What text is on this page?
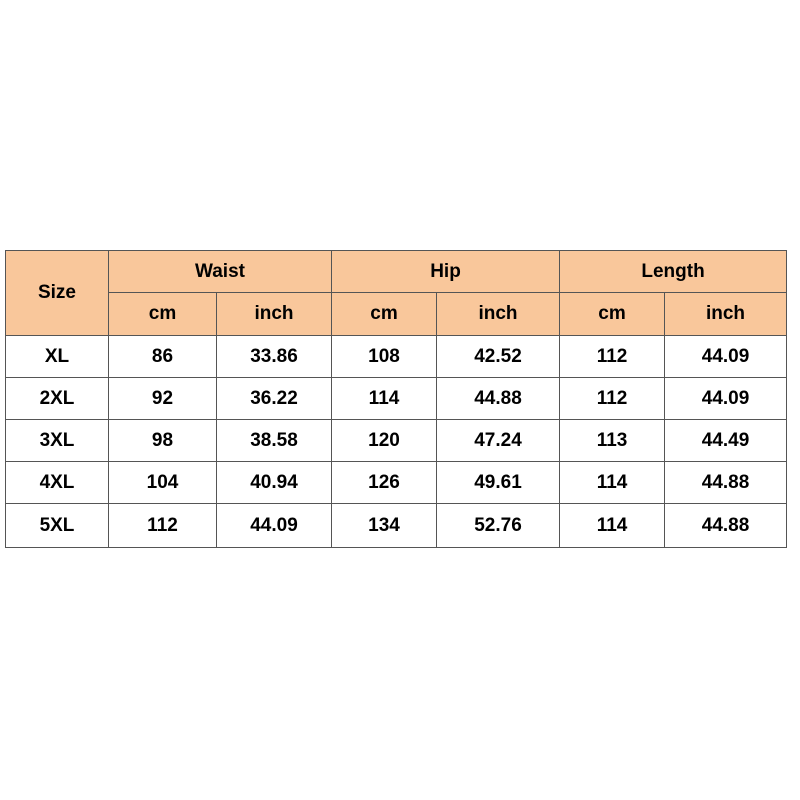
Size	Waist		Hip		Length	
	cm	inch	cm	inch	cm	inch
XL	86	33.86	108	42.52	112	44.09
2XL	92	36.22	114	44.88	112	44.09
3XL	98	38.58	120	47.24	113	44.49
4XL	104	40.94	126	49.61	114	44.88
5XL	112	44.09	134	52.76	114	44.88
